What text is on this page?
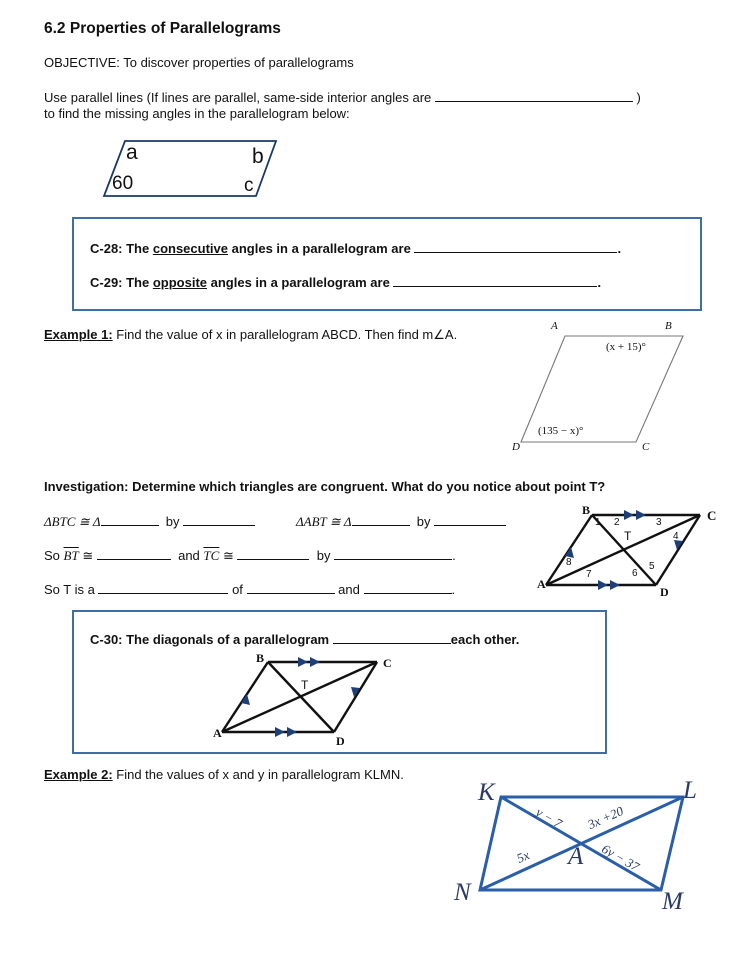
6.2 Properties of Parallelograms
OBJECTIVE: To discover properties of parallelograms
Use parallel lines (If lines are parallel, same-side interior angles are	)
to find the missing angles in the parallelogram below:
a	b
c
60
C-28: The consecutive angles in a parallelogram are	.
C-29: The opposite angles in a parallelogram are	.
Example 1: Find the value of x in parallelogram ABCD. Then find m∠A.
A	B
C
D
(x + 15)°
(135 − x)°
Investigation: Determine which triangles are congruent. What do you notice about point T?
ΔBTC ≅ Δ	by	ΔABT ≅ Δ	by
So $\overline{BT}$ ≅	and $\overline{TC}$ ≅	by	.
So T is a	of	and	.
B	C
A
D
T
1 2	3
4
5
6
7
8
C-30: The diagonals of a parallelogram	each other.
B	C
A
D
T
Example 2: Find the values of x and y in parallelogram KLMN.
K	L
M
N
A
y − 7 3x +20
5x	6y − 37
